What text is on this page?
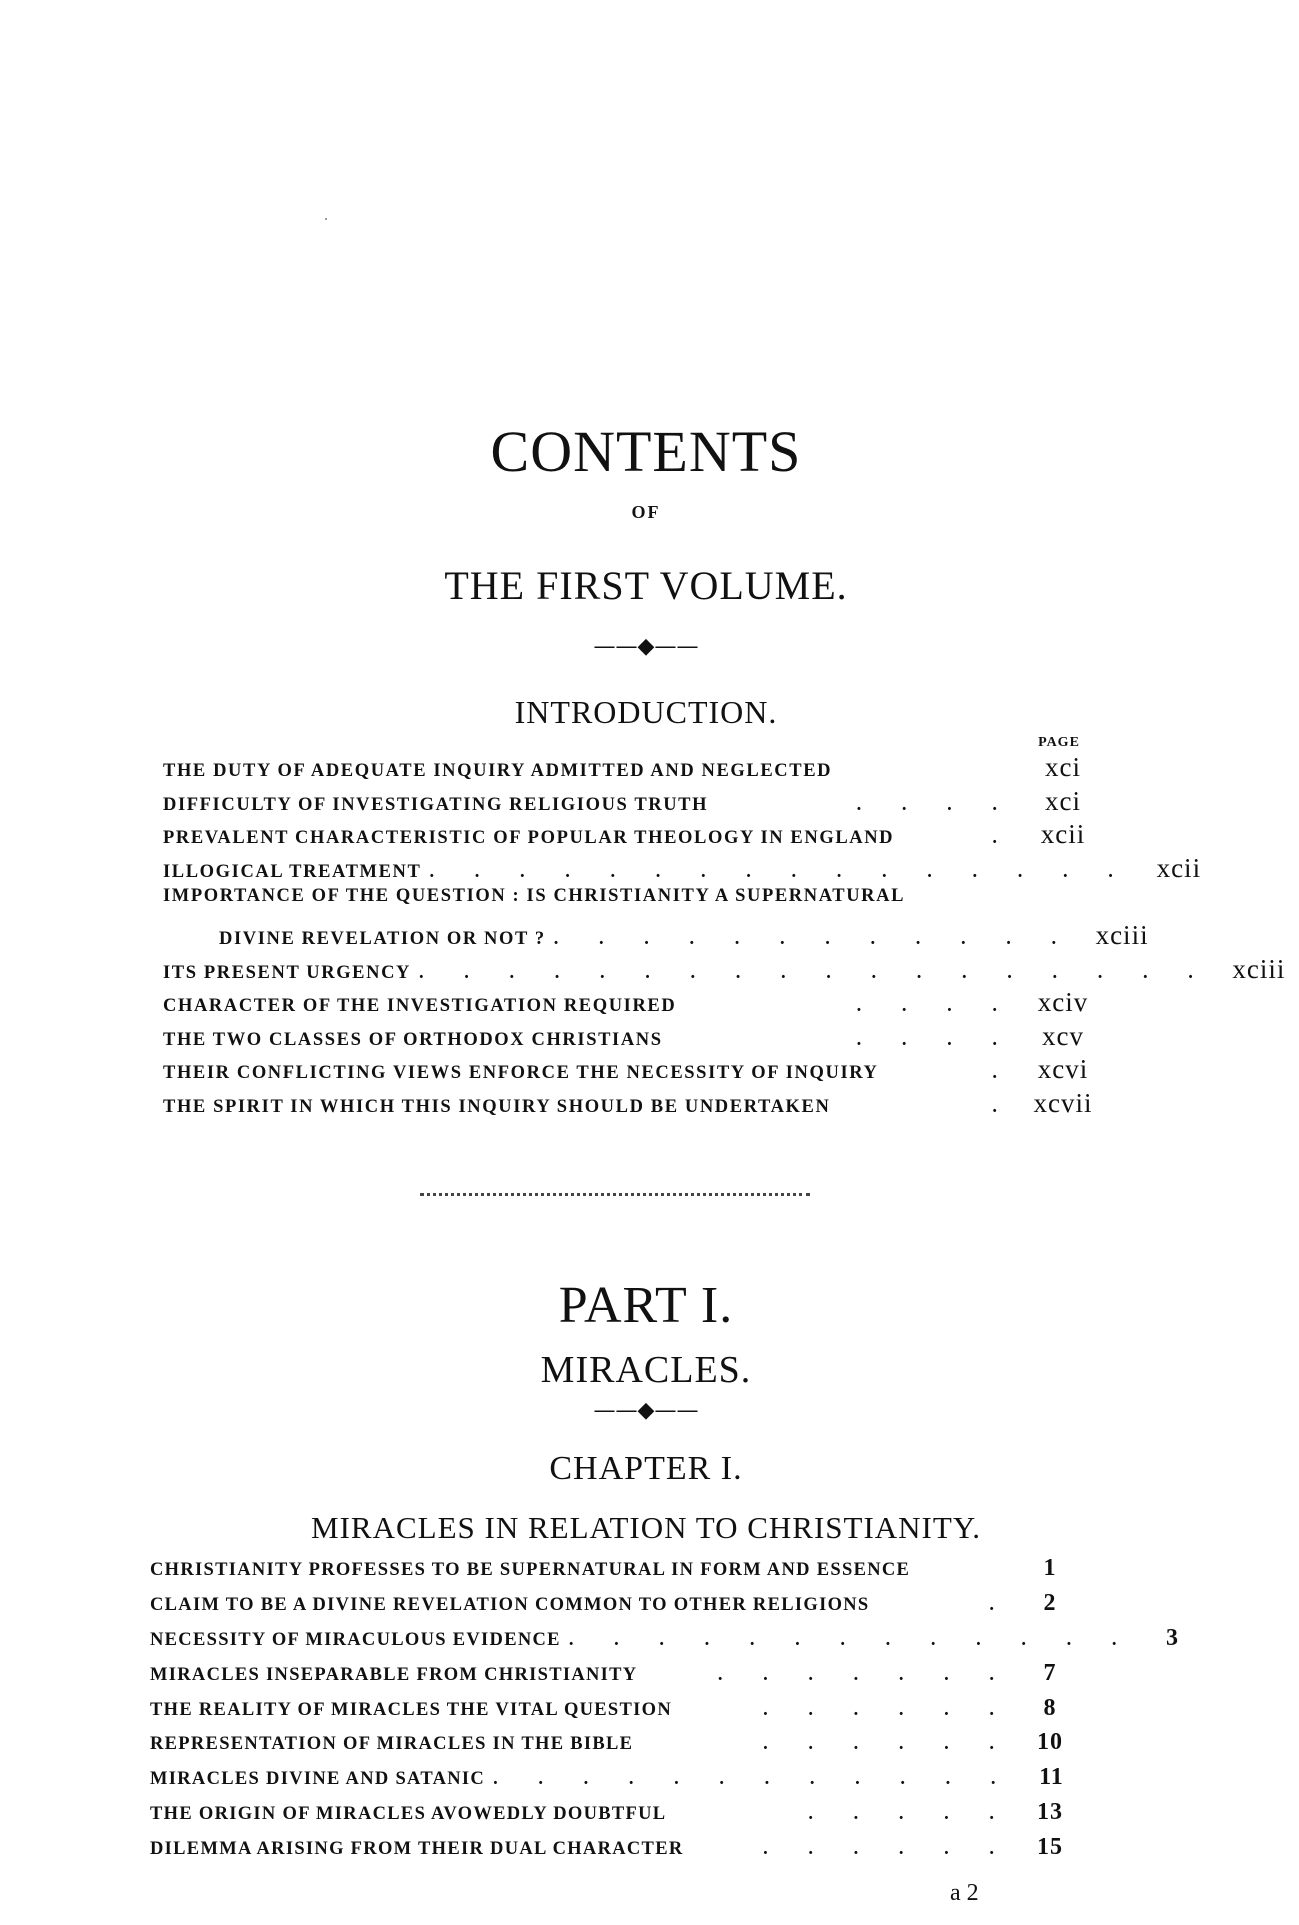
CONTENTS
OF
THE FIRST VOLUME.
——◆——
INTRODUCTION.
PAGE
THE DUTY OF ADEQUATE INQUIRY ADMITTED AND NEGLECTED	xci
DIFFICULTY OF INVESTIGATING RELIGIOUS TRUTH	. . . .	xci
PREVALENT CHARACTERISTIC OF POPULAR THEOLOGY IN ENGLAND	. xcii
ILLOGICAL TREATMENT . . . . . . . . . . . . . . . . xcii
IMPORTANCE OF THE QUESTION : IS CHRISTIANITY A SUPERNATURAL
DIVINE REVELATION OR NOT ? . . . . . . . . . . . . xciii
ITS PRESENT URGENCY . . . . . . . . . . . . . . . . . . xciii
CHARACTER OF THE INVESTIGATION REQUIRED	. . . . xciv
THE TWO CLASSES OF ORTHODOX CHRISTIANS	. . . .	xcv
THEIR CONFLICTING VIEWS ENFORCE THE NECESSITY OF INQUIRY	. xcvi
THE SPIRIT IN WHICH THIS INQUIRY SHOULD BE UNDERTAKEN	. xcvii
PART I.
MIRACLES.
——◆——
CHAPTER I.
MIRACLES IN RELATION TO CHRISTIANITY.
CHRISTIANITY PROFESSES TO BE SUPERNATURAL IN FORM AND ESSENCE	1
CLAIM TO BE A DIVINE REVELATION COMMON TO OTHER RELIGIONS	.	2
NECESSITY OF MIRACULOUS EVIDENCE . . . . . . . . . . . . .	3
MIRACLES INSEPARABLE FROM CHRISTIANITY	. . . . . . .	7
THE REALITY OF MIRACLES THE VITAL QUESTION	. . . . . .	8
REPRESENTATION OF MIRACLES IN THE BIBLE	. . . . . .	10
MIRACLES DIVINE AND SATANIC . . . . . . . . . . . .	11
THE ORIGIN OF MIRACLES AVOWEDLY DOUBTFUL	. . . . .	13
DILEMMA ARISING FROM THEIR DUAL CHARACTER	. . . . . .	15
a 2
